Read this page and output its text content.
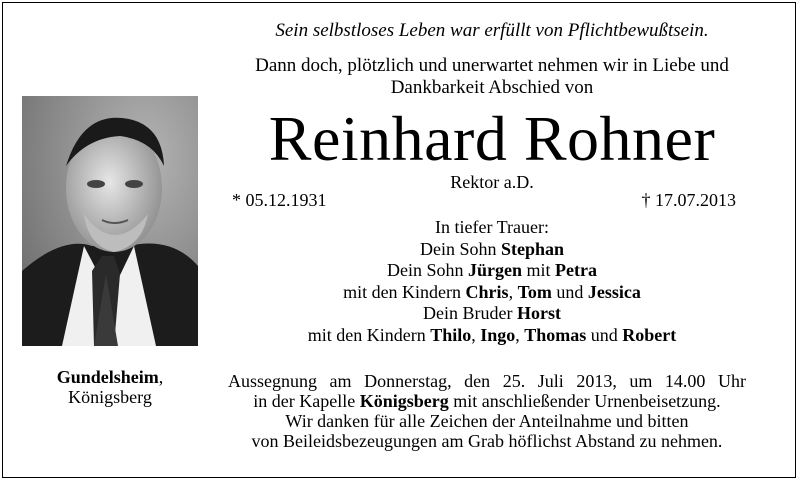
Sein selbstloses Leben war erfüllt von Pflichtbewußtsein.
Dann doch, plötzlich und unerwartet nehmen wir in Liebe und
Dankbarkeit Abschied von
Reinhard Rohner
Rektor a.D.
* 05.12.1931	† 17.07.2013
Gundelsheim,
Königsberg
In tiefer Trauer:
Dein Sohn Stephan
Dein Sohn Jürgen mit Petra
mit den Kindern Chris, Tom und Jessica
Dein Bruder Horst
mit den Kindern Thilo, Ingo, Thomas und Robert
Aussegnung am Donnerstag, den 25. Juli 2013, um 14.00 Uhr
in der Kapelle Königsberg mit anschließender Urnenbeisetzung.
Wir danken für alle Zeichen der Anteilnahme und bitten
von Beileidsbezeugungen am Grab höflichst Abstand zu nehmen.
